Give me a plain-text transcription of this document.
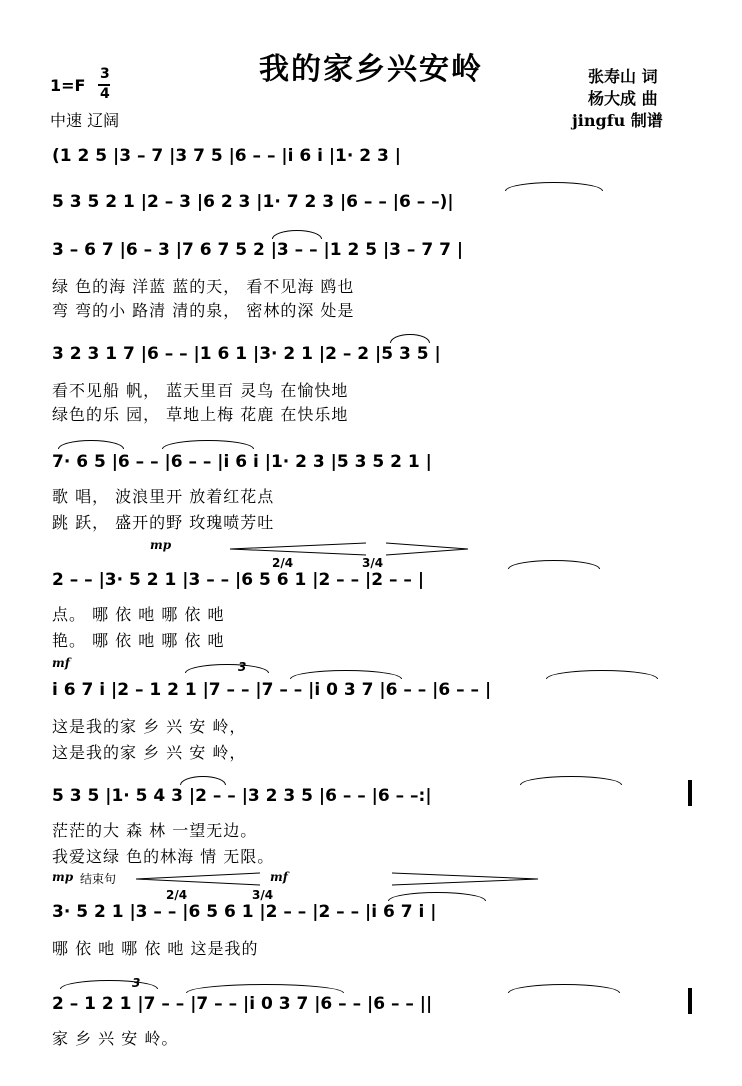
我的家乡兴安岭
1=F
3
4
中速 辽阔
张寿山 词
杨大成 曲
jingfu 制谱
(1 2 5 |3 – 7 |3 7 5 |6 – – |i 6 i |1· 2 3 |
5 3 5 2 1 |2 – 3 |6 2 3 |1· 7 2 3 |6 – – |6 – –)|
3 – 6 7 |6 – 3 |7 6 7 5 2 |3 – – |1 2 5 |3 – 7 7 |
绿 色的海 洋蓝 蓝的天， 看不见海 鸥也
弯 弯的小 路清 清的泉， 密林的深 处是
3 2 3 1 7 |6 – – |1 6 1 |3· 2 1 |2 – 2 |5 3 5 |
看不见船 帆， 蓝天里百 灵鸟 在愉快地
绿色的乐 园， 草地上梅 花鹿 在快乐地
7· 6 5 |6 – – |6 – – |i 6 i |1· 2 3 |5 3 5 2 1 |
歌 唱， 波浪里开 放着红花点
跳 跃， 盛开的野 玫瑰喷芳吐
mp
2/4	3/4
2 – – |3· 5 2 1 |3 – – |6 5 6 1 |2 – – |2 – – |
点。 哪 依 吔 哪 依 吔
艳。 哪 依 吔 哪 依 吔
mf	3
i 6 7 i |2 – 1 2 1 |7 – – |7 – – |i 0 3 7 |6 – – |6 – – |
这是我的家 乡 兴 安 岭，
这是我的家 乡 兴 安 岭，
5 3 5 |1· 5 4 3 |2 – – |3 2 3 5 |6 – – |6 – –:|
茫茫的大 森 林 一望无边。
我爱这绿 色的林海 情 无限。
mp 结束句	mf
2/4	3/4
3· 5 2 1 |3 – – |6 5 6 1 |2 – – |2 – – |i 6 7 i |
哪 依 吔 哪 依 吔 这是我的
3
2 – 1 2 1 |7 – – |7 – – |i 0 3 7 |6 – – |6 – – ||
家 乡 兴 安 岭。
